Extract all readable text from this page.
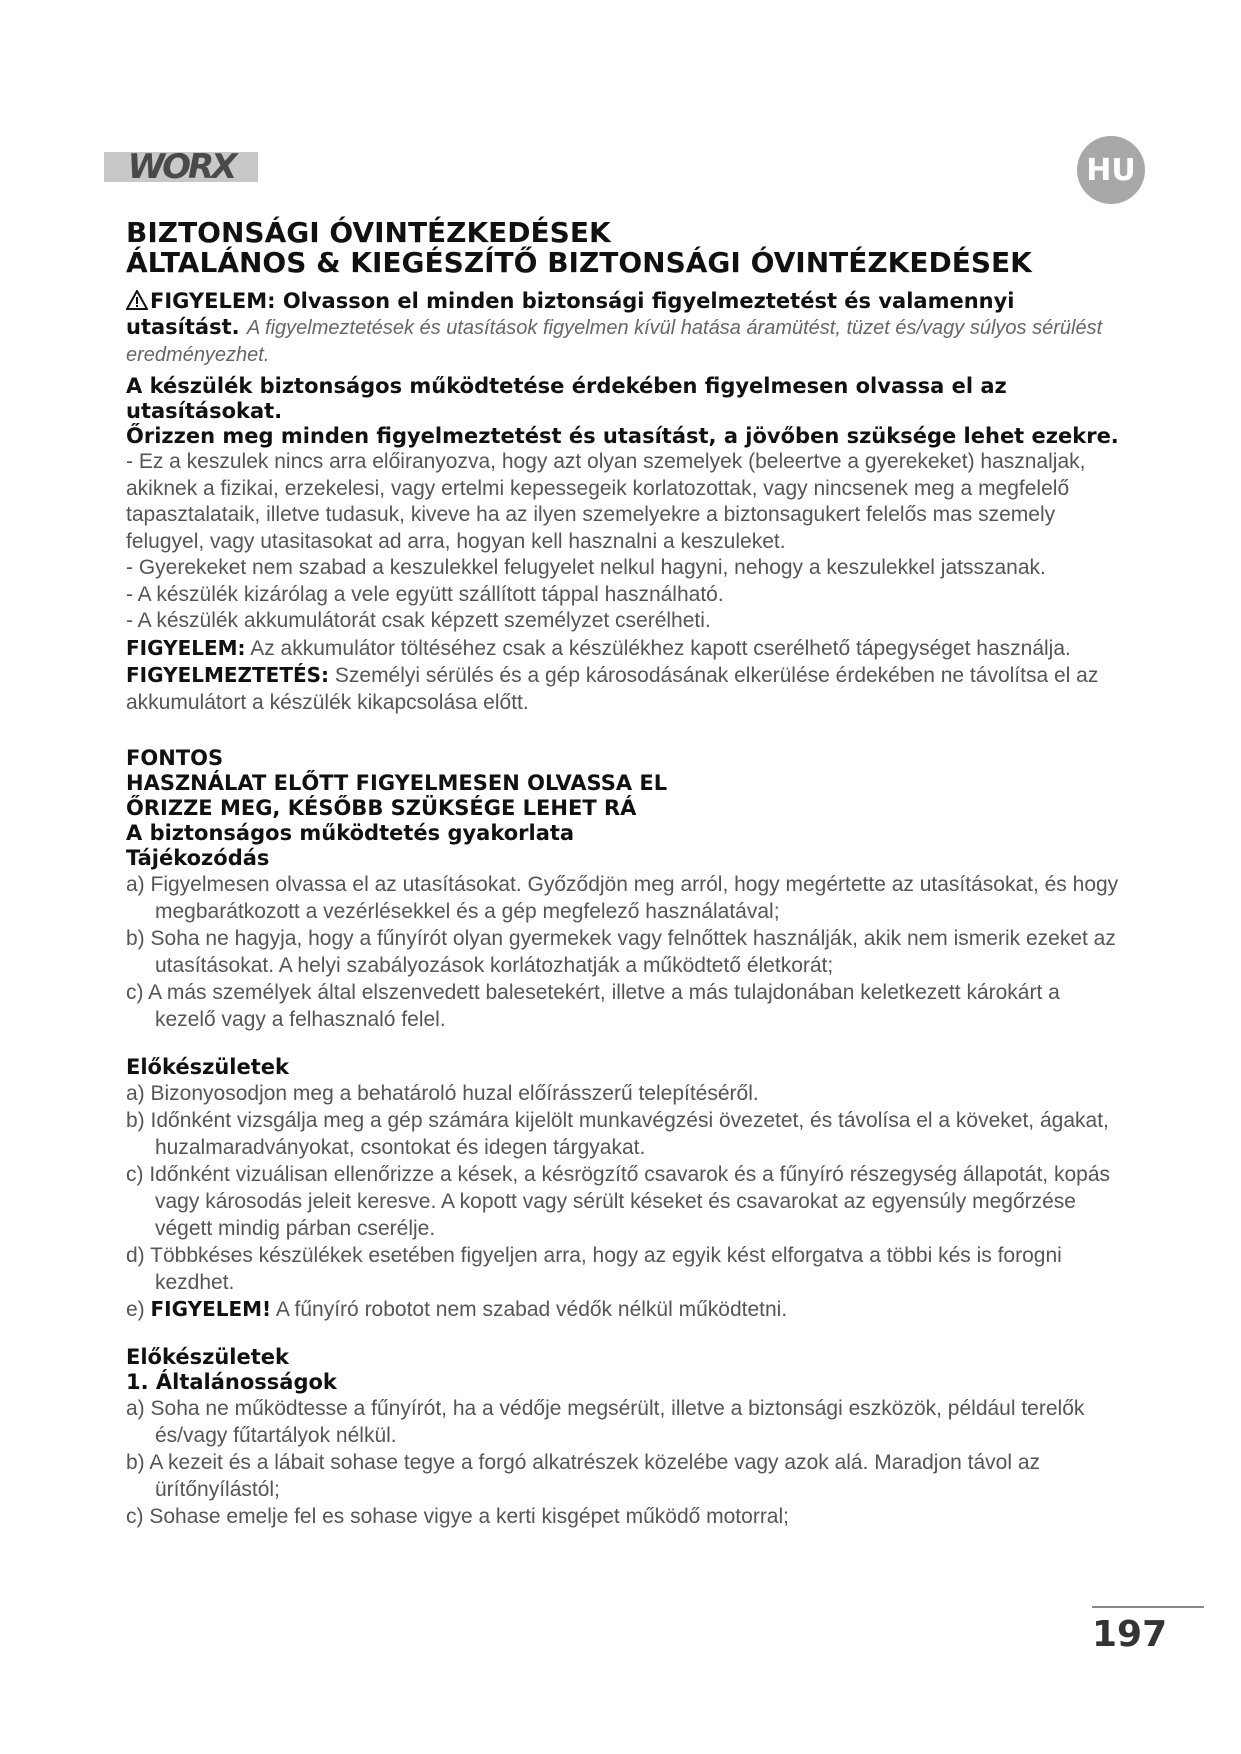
WORX	HU
BIZTONSÁGI ÓVINTÉZKEDÉSEK
ÁLTALÁNOS & KIEGÉSZÍTŐ BIZTONSÁGI ÓVINTÉZKEDÉSEK
FIGYELEM: Olvasson el minden biztonsági figyelmeztetést és valamennyi utasítást. A figyelmeztetések és utasítások figyelmen kívül hatása áramütést, tüzet és/vagy súlyos sérülést eredményezhet.
A készülék biztonságos működtetése érdekében figyelmesen olvassa el az utasításokat.
Őrizzen meg minden figyelmeztetést és utasítást, a jövőben szüksége lehet ezekre.
- Ez a keszulek nincs arra előiranyozva, hogy azt olyan szemelyek (beleertve a gyerekeket) hasznaljak, akiknek a fizikai, erzekelesi, vagy ertelmi kepessegeik korlatozottak, vagy nincsenek meg a megfelelő tapasztalataik, illetve tudasuk, kiveve ha az ilyen szemelyekre a biztonsagukert felelős mas szemely felugyel, vagy utasitasokat ad arra, hogyan kell hasznalni a keszuleket.
- Gyerekeket nem szabad a keszulekkel felugyelet nelkul hagyni, nehogy a keszulekkel jatsszanak.
- A készülék kizárólag a vele együtt szállított táppal használható.
- A készülék akkumulátorát csak képzett személyzet cserélheti.
FIGYELEM: Az akkumulátor töltéséhez csak a készülékhez kapott cserélhető tápegységet használja.
FIGYELMEZTETÉS: Személyi sérülés és a gép károsodásának elkerülése érdekében ne távolítsa el az akkumulátort a készülék kikapcsolása előtt.
FONTOS
HASZNÁLAT ELŐTT FIGYELMESEN OLVASSA EL
ŐRIZZE MEG, KÉSŐBB SZÜKSÉGE LEHET RÁ
A biztonságos működtetés gyakorlata
Tájékozódás
a) Figyelmesen olvassa el az utasításokat. Győződjön meg arról, hogy megértette az utasításokat, és hogy megbarátkozott a vezérlésekkel és a gép megfelező használatával;
b) Soha ne hagyja, hogy a fűnyírót olyan gyermekek vagy felnőttek használják, akik nem ismerik ezeket az utasításokat. A helyi szabályozások korlátozhatják a működtető életkorát;
c) A más személyek által elszenvedett balesetekért, illetve a más tulajdonában keletkezett károkárt a kezelő vagy a felhasznaló felel.
Előkészületek
a) Bizonyosodjon meg a behatároló huzal előírásszerű telepítéséről.
b) Időnként vizsgálja meg a gép számára kijelölt munkavégzési övezetet, és távolísa el a köveket, ágakat, huzalmaradványokat, csontokat és idegen tárgyakat.
c) Időnként vizuálisan ellenőrizze a kések, a késrögzítő csavarok és a fűnyíró részegység állapotát, kopás vagy károsodás jeleit keresve. A kopott vagy sérült késeket és csavarokat az egyensúly megőrzése végett mindig párban cserélje.
d) Többkéses készülékek esetében figyeljen arra, hogy az egyik kést elforgatva a többi kés is forogni kezdhet.
e) FIGYELEM! A fűnyíró robotot nem szabad védők nélkül működtetni.
Előkészületek
1. Általánosságok
a) Soha ne működtesse a fűnyírót, ha a védője megsérült, illetve a biztonsági eszközök, például terelők és/vagy fűtartályok nélkül.
b) A kezeit és a lábait sohase tegye a forgó alkatrészek közelébe vagy azok alá. Maradjon távol az ürítőnyílástól;
c) Sohase emelje fel es sohase vigye a kerti kisgépet működő motorral;
197
